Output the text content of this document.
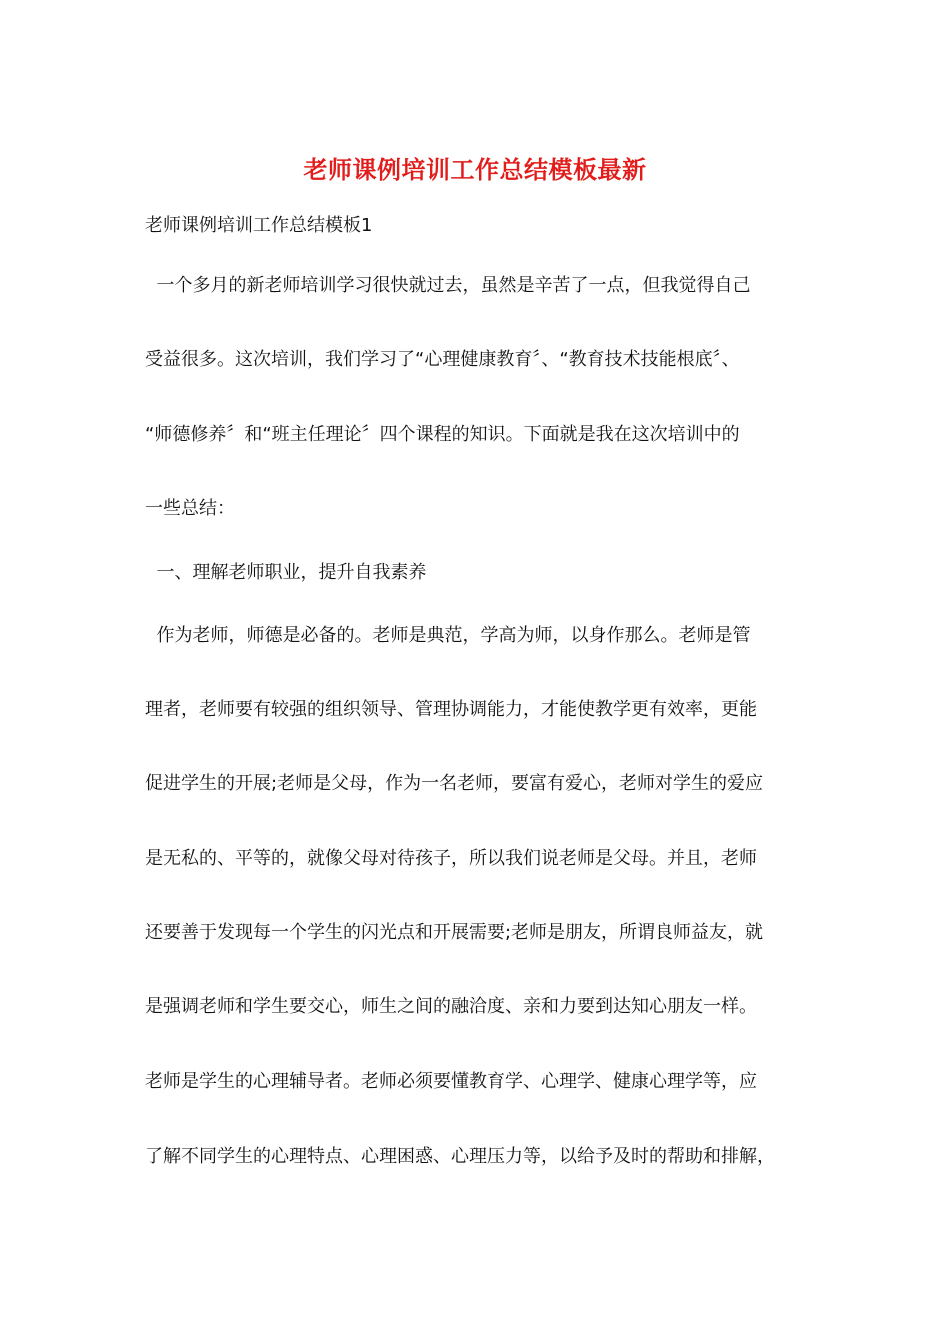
老师课例培训工作总结模板最新
老师课例培训工作总结模板1
一个多月的新老师培训学习很快就过去，虽然是辛苦了一点，但我觉得自己
受益很多。这次培训，我们学习了“心理健康教育〞、“教育技术技能根底〞、
“师德修养〞和“班主任理论〞四个课程的知识。下面就是我在这次培训中的
一些总结：
一、理解老师职业，提升自我素养
作为老师，师德是必备的。老师是典范，学高为师，以身作那么。老师是管
理者，老师要有较强的组织领导、管理协调能力，才能使教学更有效率，更能
促进学生的开展;老师是父母，作为一名老师，要富有爱心，老师对学生的爱应
是无私的、平等的，就像父母对待孩子，所以我们说老师是父母。并且，老师
还要善于发现每一个学生的闪光点和开展需要;老师是朋友，所谓良师益友，就
是强调老师和学生要交心，师生之间的融洽度、亲和力要到达知心朋友一样。
老师是学生的心理辅导者。老师必须要懂教育学、心理学、健康心理学等，应
了解不同学生的心理特点、心理困惑、心理压力等，以给予及时的帮助和排解，
